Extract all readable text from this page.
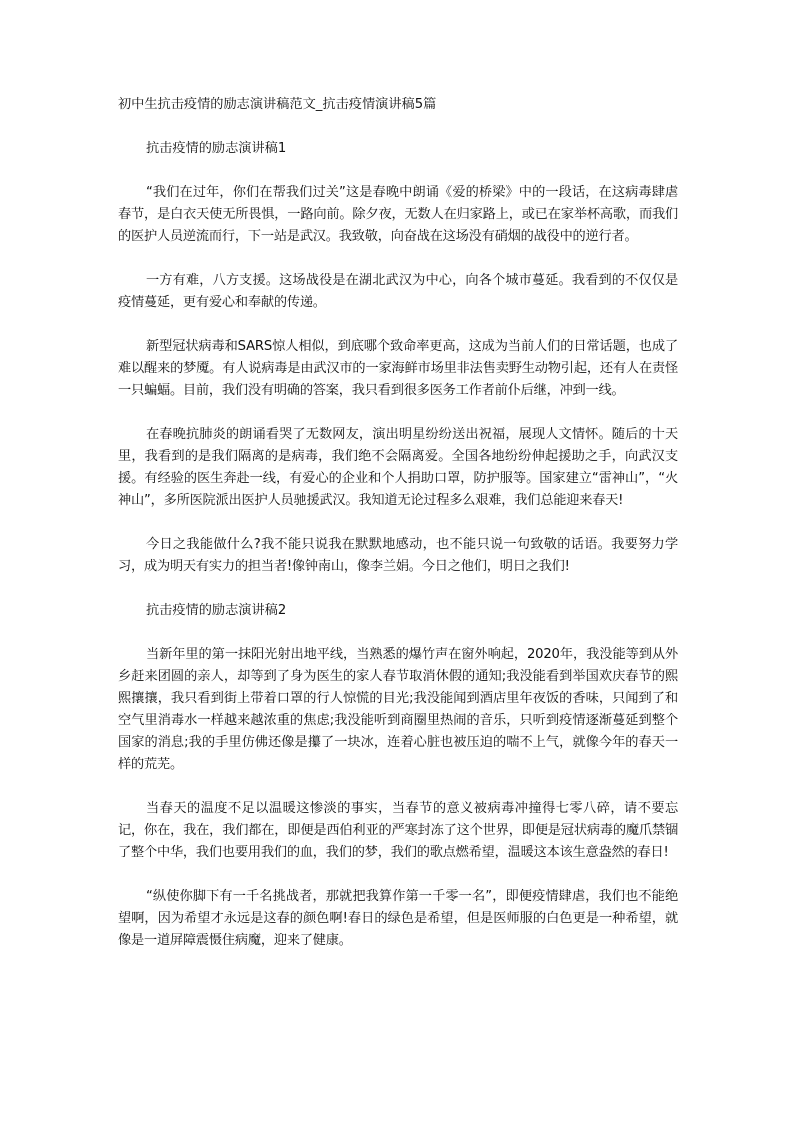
初中生抗击疫情的励志演讲稿范文_抗击疫情演讲稿5篇
抗击疫情的励志演讲稿1

“我们在过年，你们在帮我们过关”这是春晚中朗诵《爱的桥梁》中的一段话，在这病毒肆虐春节，是白衣天使无所畏惧，一路向前。除夕夜，无数人在归家路上，或已在家举杯高歌，而我们的医护人员逆流而行，下一站是武汉。我致敬，向奋战在这场没有硝烟的战役中的逆行者。

一方有难，八方支援。这场战役是在湖北武汉为中心，向各个城市蔓延。我看到的不仅仅是疫情蔓延，更有爱心和奉献的传递。

新型冠状病毒和SARS惊人相似，到底哪个致命率更高，这成为当前人们的日常话题，也成了难以醒来的梦魇。有人说病毒是由武汉市的一家海鲜市场里非法售卖野生动物引起，还有人在责怪一只蝙蝠。目前，我们没有明确的答案，我只看到很多医务工作者前仆后继，冲到一线。

在春晚抗肺炎的朗诵看哭了无数网友，演出明星纷纷送出祝福，展现人文情怀。随后的十天里，我看到的是我们隔离的是病毒，我们绝不会隔离爱。全国各地纷纷伸起援助之手，向武汉支援。有经验的医生奔赴一线，有爱心的企业和个人捐助口罩，防护服等。国家建立“雷神山”，“火神山”，多所医院派出医护人员驰援武汉。我知道无论过程多么艰难，我们总能迎来春天!

今日之我能做什么?我不能只说我在默默地感动，也不能只说一句致敬的话语。我要努力学习，成为明天有实力的担当者!像钟南山，像李兰娟。今日之他们，明日之我们!

抗击疫情的励志演讲稿2

当新年里的第一抹阳光射出地平线，当熟悉的爆竹声在窗外响起，2020年，我没能等到从外乡赶来团圆的亲人，却等到了身为医生的家人春节取消休假的通知;我没能看到举国欢庆春节的熙熙攘攘，我只看到街上带着口罩的行人惊慌的目光;我没能闻到酒店里年夜饭的香味，只闻到了和空气里消毒水一样越来越浓重的焦虑;我没能听到商圈里热闹的音乐，只听到疫情逐渐蔓延到整个国家的消息;我的手里仿佛还像是攥了一块冰，连着心脏也被压迫的喘不上气，就像今年的春天一样的荒芜。

当春天的温度不足以温暖这惨淡的事实，当春节的意义被病毒冲撞得七零八碎，请不要忘记，你在，我在，我们都在，即便是西伯利亚的严寒封冻了这个世界，即便是冠状病毒的魔爪禁锢了整个中华，我们也要用我们的血，我们的梦，我们的歌点燃希望，温暖这本该生意盎然的春日!

“纵使你脚下有一千名挑战者，那就把我算作第一千零一名”，即便疫情肆虐，我们也不能绝望啊，因为希望才永远是这春的颜色啊!春日的绿色是希望，但是医师服的白色更是一种希望，就像是一道屏障震慑住病魔，迎来了健康。
